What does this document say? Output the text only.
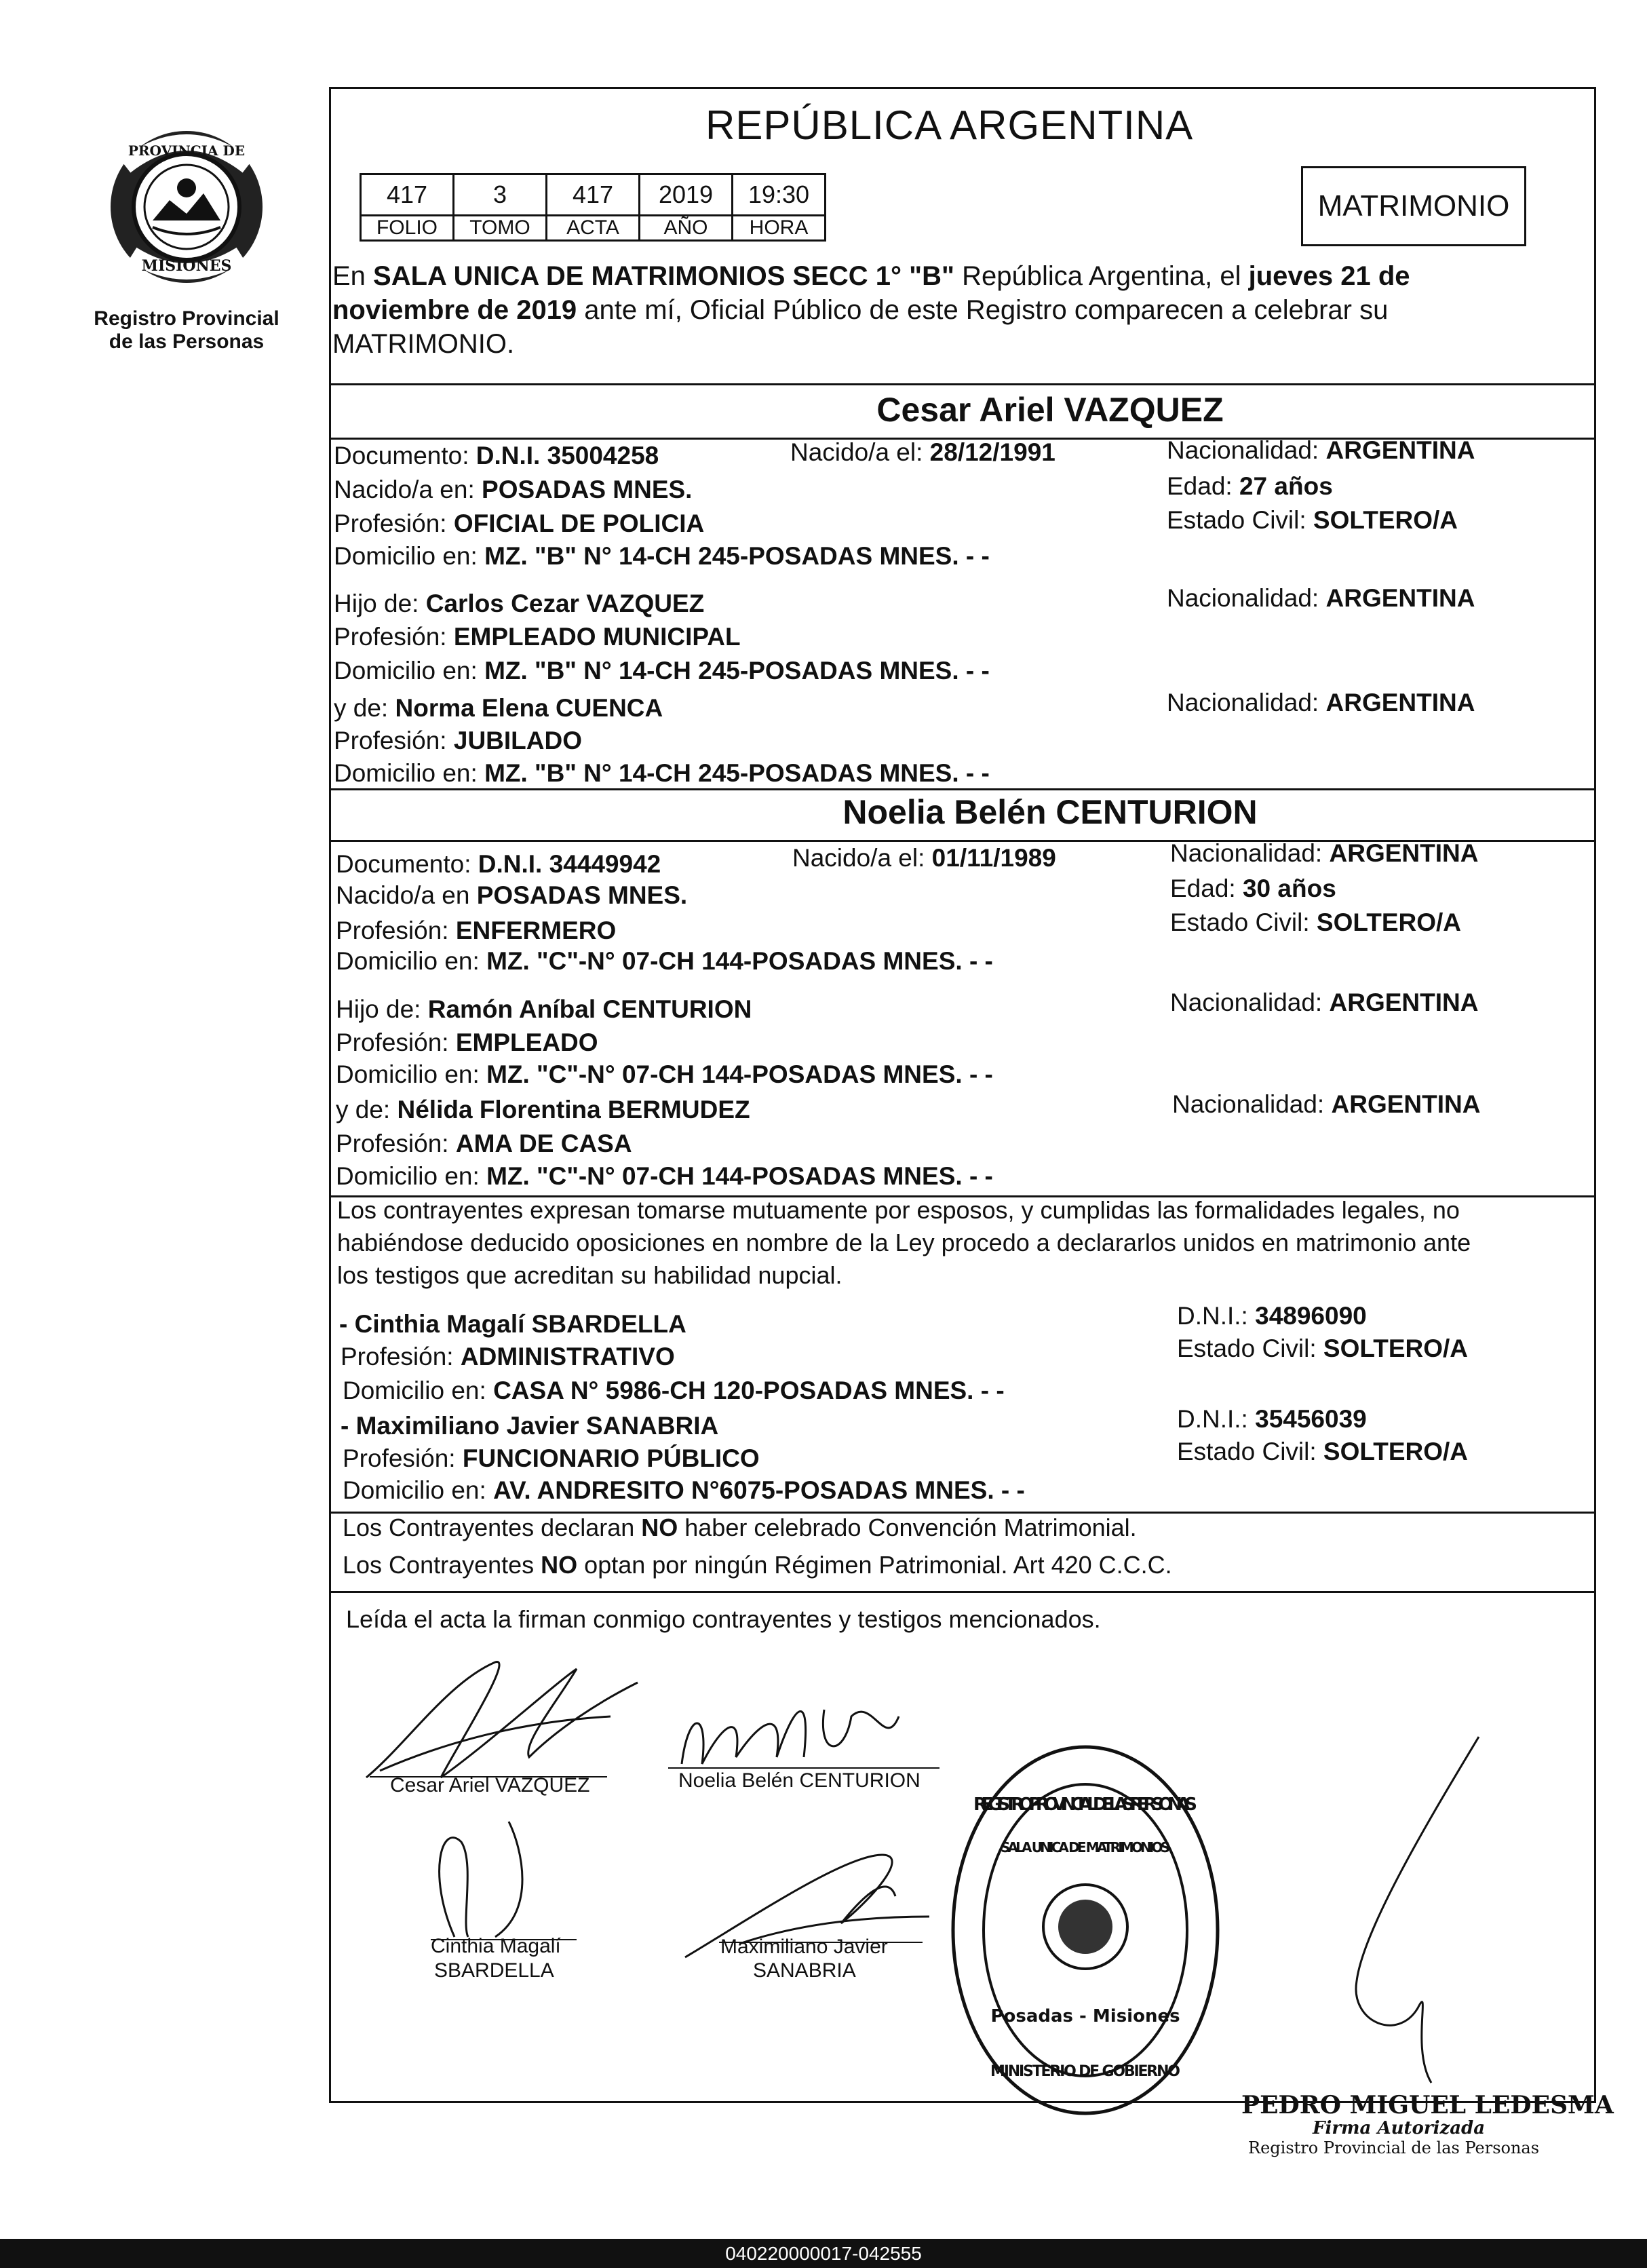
PROVINCIA DE
MISIONES
Registro Provincial
de las Personas
REPÚBLICA ARGENTINA
417	3	417	2019	19:30
FOLIO	TOMO	ACTA	AÑO	HORA
MATRIMONIO
En SALA UNICA DE MATRIMONIOS SECC 1° "B" República Argentina, el jueves 21 de
noviembre de 2019 ante mí, Oficial Público de este Registro comparecen a celebrar su
MATRIMONIO.
Cesar Ariel VAZQUEZ
Documento: D.N.I. 35004258	Nacido/a el: 28/12/1991	Nacionalidad: ARGENTINA
Nacido/a en: POSADAS MNES.	Edad: 27 años
Profesión: OFICIAL DE POLICIA	Estado Civil: SOLTERO/A
Domicilio en: MZ. "B" N° 14-CH 245-POSADAS MNES. - -
Hijo de: Carlos Cezar VAZQUEZ	Nacionalidad: ARGENTINA
Profesión: EMPLEADO MUNICIPAL
Domicilio en: MZ. "B" N° 14-CH 245-POSADAS MNES. - -
y de: Norma Elena CUENCA	Nacionalidad: ARGENTINA
Profesión: JUBILADO
Domicilio en: MZ. "B" N° 14-CH 245-POSADAS MNES. - -
Noelia Belén CENTURION
Documento: D.N.I. 34449942	Nacido/a el: 01/11/1989	Nacionalidad: ARGENTINA
Nacido/a en POSADAS MNES.	Edad: 30 años
Profesión: ENFERMERO	Estado Civil: SOLTERO/A
Domicilio en: MZ. "C"-N° 07-CH 144-POSADAS MNES. - -
Hijo de: Ramón Aníbal CENTURION	Nacionalidad: ARGENTINA
Profesión: EMPLEADO
Domicilio en: MZ. "C"-N° 07-CH 144-POSADAS MNES. - -
y de: Nélida Florentina BERMUDEZ	Nacionalidad: ARGENTINA
Profesión: AMA DE CASA
Domicilio en: MZ. "C"-N° 07-CH 144-POSADAS MNES. - -
Los contrayentes expresan tomarse mutuamente por esposos, y cumplidas las formalidades legales, no
habiéndose deducido oposiciones en nombre de la Ley procedo a declararlos unidos en matrimonio ante
los testigos que acreditan su habilidad nupcial.
- Cinthia Magalí SBARDELLA	D.N.I.: 34896090
Profesión: ADMINISTRATIVO	Estado Civil: SOLTERO/A
Domicilio en: CASA N° 5986-CH 120-POSADAS MNES. - -
- Maximiliano Javier SANABRIA	D.N.I.: 35456039
Profesión: FUNCIONARIO PÚBLICO	Estado Civil: SOLTERO/A
Domicilio en: AV. ANDRESITO N°6075-POSADAS MNES. - -
Los Contrayentes declaran NO haber celebrado Convención Matrimonial.
Los Contrayentes NO optan por ningún Régimen Patrimonial. Art 420 C.C.C.
Leída el acta la firman conmigo contrayentes y testigos mencionados.
Cesar Ariel VAZQUEZ	Noelia Belén CENTURION
Cinthia Magalí
SBARDELLA
Maximiliano Javier
SANABRIA
REGISTRO PROVINCIAL DE LAS PERSONAS
SALA UNICA DE MATRIMONIOS
MISIONES
Posadas - Misiones
MINISTERIO DE GOBIERNO
PEDRO MIGUEL LEDESMA
Firma Autorizada
Registro Provincial de las Personas
040220000017-042555
